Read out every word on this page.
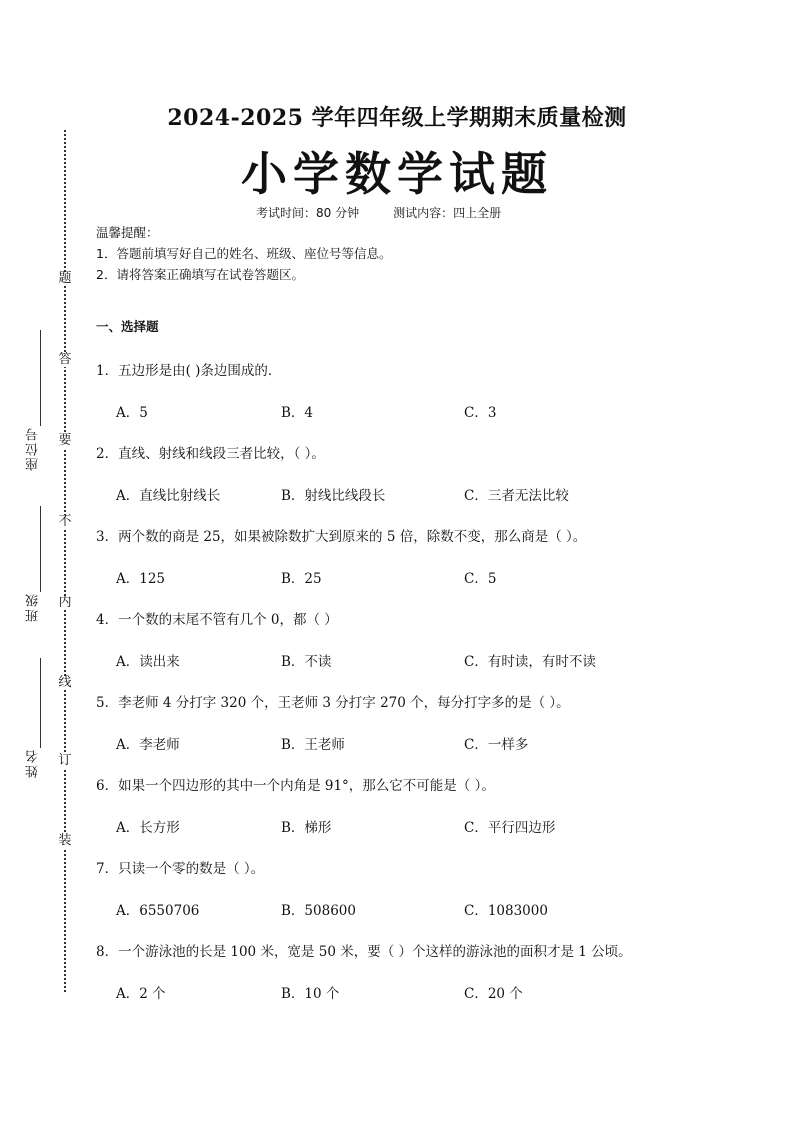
题
答
要
不
内
线
订
装
座位号
班级
姓名
2024-2025 学年四年级上学期期末质量检测
小学数学试题
考试时间：80 分钟	测试内容：四上全册
温馨提醒：
1．答题前填写好自己的姓名、班级、座位号等信息。
2．请将答案正确填写在试卷答题区。
一、选择题
1．五边形是由( )条边围成的．
A．5	B．4	C．3
2．直线、射线和线段三者比较，（ ）。
A．直线比射线长	B．射线比线段长	C．三者无法比较
3．两个数的商是 25，如果被除数扩大到原来的 5 倍，除数不变，那么商是（ ）。
A．125	B．25	C．5
4．一个数的末尾不管有几个 0，都（ ）
A．读出来	B．不读	C．有时读，有时不读
5．李老师 4 分打字 320 个，王老师 3 分打字 270 个，每分打字多的是（ ）。
A．李老师	B．王老师	C．一样多
6．如果一个四边形的其中一个内角是 91°，那么它不可能是（ ）。
A．长方形	B．梯形	C．平行四边形
7．只读一个零的数是（ ）。
A．6550706	B．508600	C．1083000
8．一个游泳池的长是 100 米，宽是 50 米，要（ ）个这样的游泳池的面积才是 1 公顷。
A．2 个	B．10 个	C．20 个
